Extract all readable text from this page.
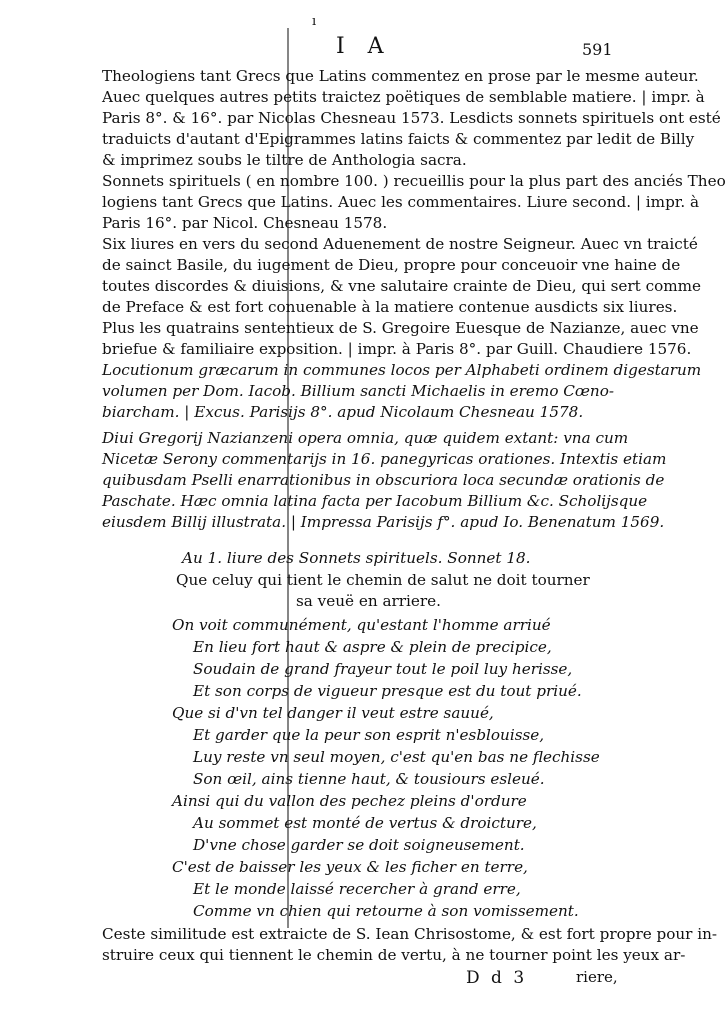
ı
I A	591
Theologiens tant Grecs que Latins commentez en prose par le mesme auteur.
Auec quelques autres petits traictez poëtiques de semblable matiere. | impr. à
Paris 8°. & 16°. par Nicolas Chesneau 1573. Lesdicts sonnets spirituels ont esté
traduicts d'autant d'Epigrammes latins faicts & commentez par ledit de Billy
& imprimez soubs le tiltre de Anthologia sacra.
Sonnets spirituels ( en nombre 100. ) recueillis pour la plus part des anciés Theo
logiens tant Grecs que Latins. Auec les commentaires. Liure second. | impr. à
Paris 16°. par Nicol. Chesneau 1578.
Six liures en vers du second Aduenement de nostre Seigneur. Auec vn traicté
de sainct Basile, du iugement de Dieu, propre pour conceuoir vne haine de
toutes discordes & diuisions, & vne salutaire crainte de Dieu, qui sert comme
de Preface & est fort conuenable à la matiere contenue ausdicts six liures.
Plus les quatrains sententieux de S. Gregoire Euesque de Nazianze, auec vne
briefue & familiaire exposition. | impr. à Paris 8°. par Guill. Chaudiere 1576.
Locutionum græcarum in communes locos per Alphabeti ordinem digestarum
volumen per Dom. Iacob. Billium sancti Michaelis in eremo Cœno-
biarcham. | Excus. Parisijs 8°. apud Nicolaum Chesneau 1578.
Diui Gregorij Nazianzeni opera omnia, quæ quidem extant: vna cum
Nicetæ Serony commentarijs in 16. panegyricas orationes. Intextis etiam
quibusdam Pselli enarrationibus in obscuriora loca secundæ orationis de
Paschate. Hæc omnia latina facta per Iacobum Billium &c. Scholijsque
eiusdem Billij illustrata. | Impressa Parisijs f°. apud Io. Benenatum 1569.
Au 1. liure des Sonnets spirituels. Sonnet 18.
Que celuy qui tient le chemin de salut ne doit tourner
sa veuë en arriere.
On voit communément, qu'estant l'homme arriué
En lieu fort haut & aspre & plein de precipice,
Soudain de grand frayeur tout le poil luy herisse,
Et son corps de vigueur presque est du tout priué.
Que si d'vn tel danger il veut estre sauué,
Et garder que la peur son esprit n'esblouisse,
Luy reste vn seul moyen, c'est qu'en bas ne flechisse
Son œil, ains tienne haut, & tousiours esleué.
Ainsi qui du vallon des pechez pleins d'ordure
Au sommet est monté de vertus & droicture,
D'vne chose garder se doit soigneusement.
C'est de baisser les yeux & les ficher en terre,
Et le monde laissé recercher à grand erre,
Comme vn chien qui retourne à son vomissement.
Ceste similitude est extraicte de S. Iean Chrisostome, & est fort propre pour in-
struire ceux qui tiennent le chemin de vertu, à ne tourner point les yeux ar-
D d 3	riere,
